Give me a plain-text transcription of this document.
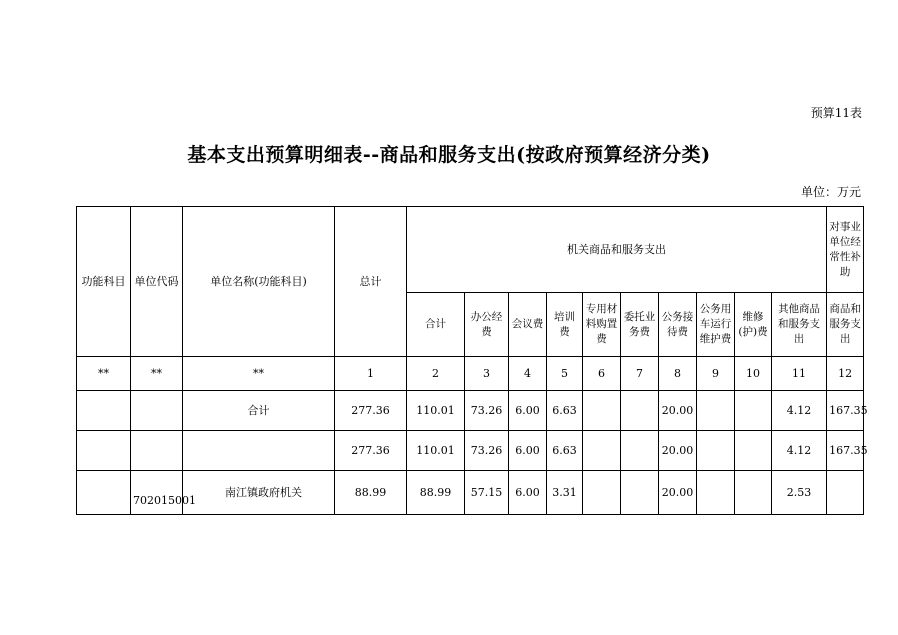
预算11表
基本支出预算明细表--商品和服务支出(按政府预算经济分类)
单位：万元
功能科目	单位代码	单位名称(功能科目)	总计	机关商品和服务支出										对事业单位经常性补助
				合计	办公经费	会议费	培训费	专用材料购置费	委托业务费	公务接待费	公务用车运行维护费	维修(护)费	其他商品和服务支出	商品和服务支出
**	**	**	1	2	3	4	5	6	7	8	9	10	11	12
		合计	277.36	110.01	73.26	6.00	6.63			20.00			4.12	167.35
			277.36	110.01	73.26	6.00	6.63			20.00			4.12	167.35
	702015001	南江镇政府机关	88.99	88.99	57.15	6.00	3.31			20.00			2.53	
